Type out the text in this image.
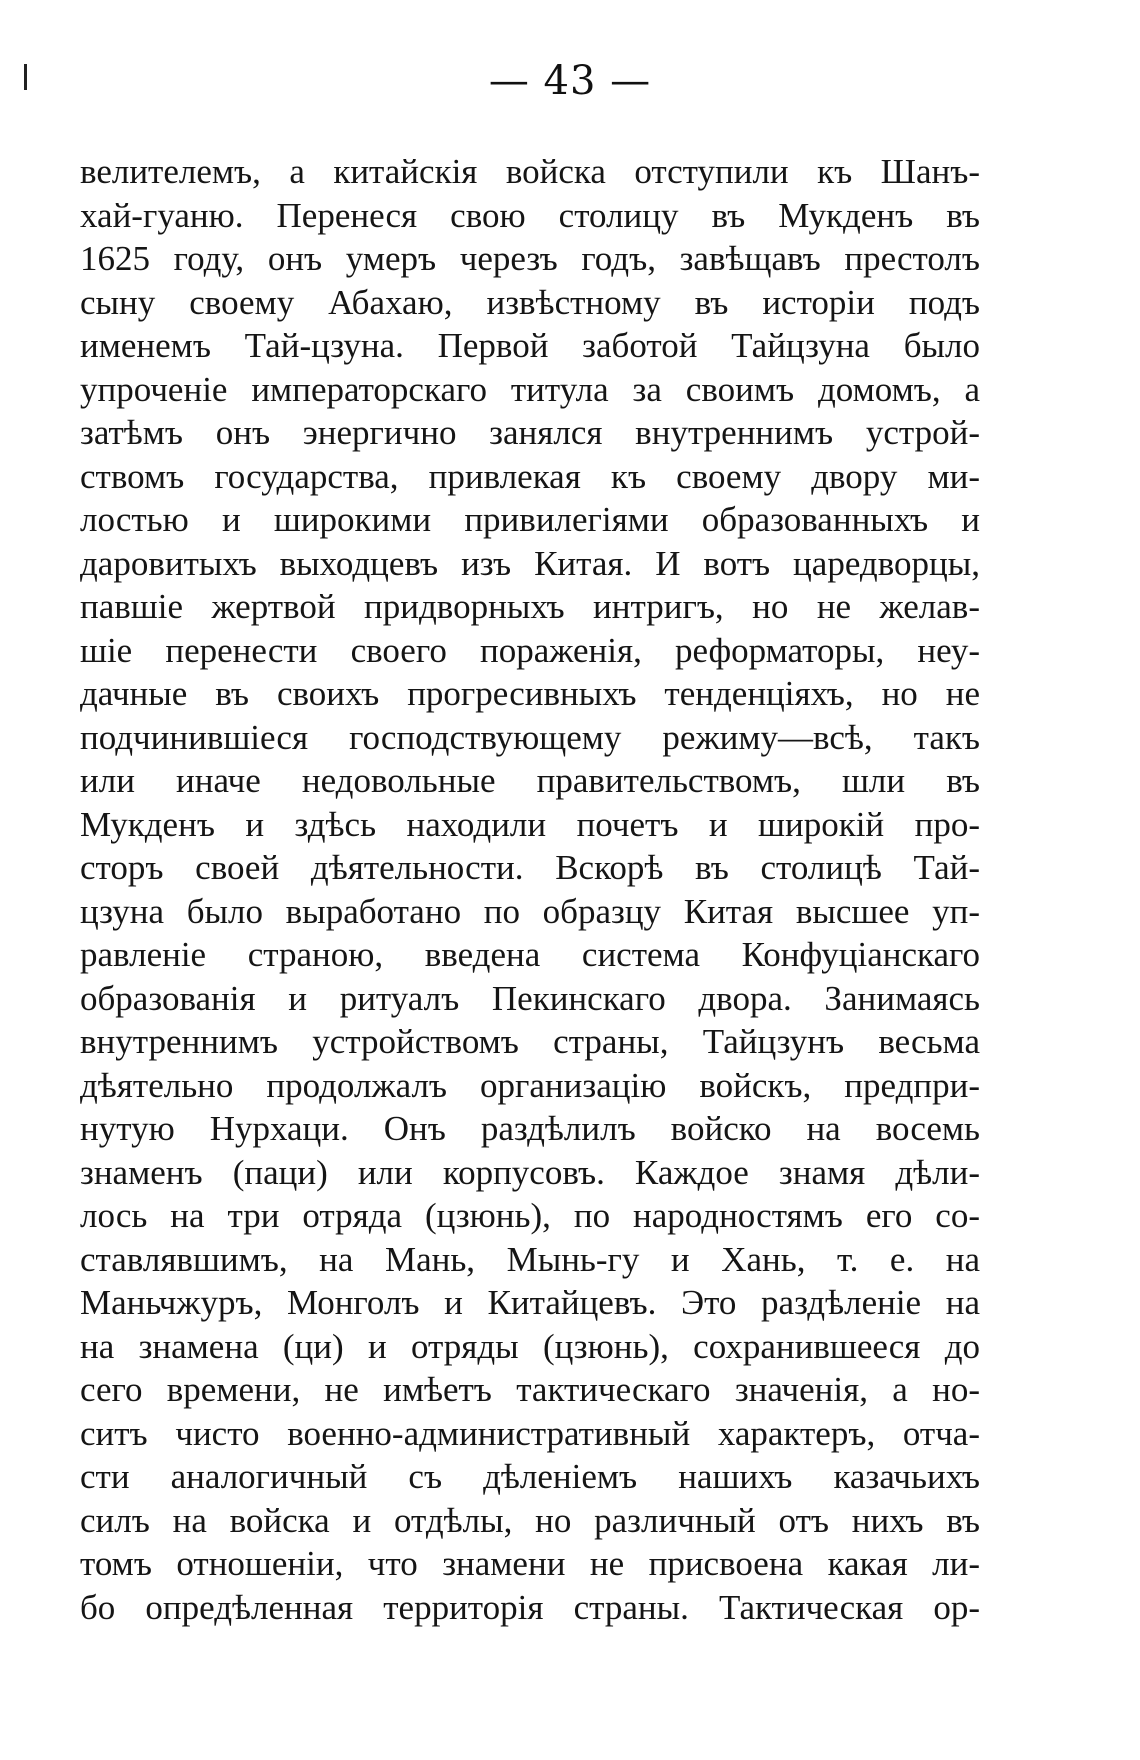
— 43 —
велителемъ, а китайскія войска отступили къ Шанъ-
хай-гуаню. Перенеся свою столицу въ Мукденъ въ
1625 году, онъ умеръ черезъ годъ, завѣщавъ престолъ
сыну своему Абахаю, извѣстному въ исторіи подъ
именемъ Тай-цзуна. Первой заботой Тайцзуна было
упроченіе императорскаго титула за своимъ домомъ, а
затѣмъ онъ энергично занялся внутреннимъ устрой-
ствомъ государства, привлекая къ своему двору ми-
лостью и широкими привилегіями образованныхъ и
даровитыхъ выходцевъ изъ Китая. И вотъ царедворцы,
павшіе жертвой придворныхъ интригъ, но не желав-
шіе перенести своего пораженія, реформаторы, неу-
дачные въ своихъ прогресивныхъ тенденціяхъ, но не
подчинившіеся господствующему режиму—всѣ, такъ
или иначе недовольные правительствомъ, шли въ
Мукденъ и здѣсь находили почетъ и широкій про-
сторъ своей дѣятельности. Вскорѣ въ столицѣ Тай-
цзуна было выработано по образцу Китая высшее уп-
равленіе страною, введена система Конфуціанскаго
образованія и ритуалъ Пекинскаго двора. Занимаясь
внутреннимъ устройствомъ страны, Тайцзунъ весьма
дѣятельно продолжалъ организацію войскъ, предпри-
нутую Нурхаци. Онъ раздѣлилъ войско на восемь
знаменъ (паци) или корпусовъ. Каждое знамя дѣли-
лось на три отряда (цзюнь), по народностямъ его со-
ставлявшимъ, на Мань, Мынь-гу и Хань, т. е. на
Маньчжуръ, Монголъ и Китайцевъ. Это раздѣленіе на
на знамена (ци) и отряды (цзюнь), сохранившееся до
сего времени, не имѣетъ тактическаго значенія, а но-
ситъ чисто военно-административный характеръ, отча-
сти аналогичный съ дѣленіемъ нашихъ казачьихъ
силъ на войска и отдѣлы, но различный отъ нихъ въ
томъ отношеніи, что знамени не присвоена какая ли-
бо опредѣленная территорія страны. Тактическая ор-
